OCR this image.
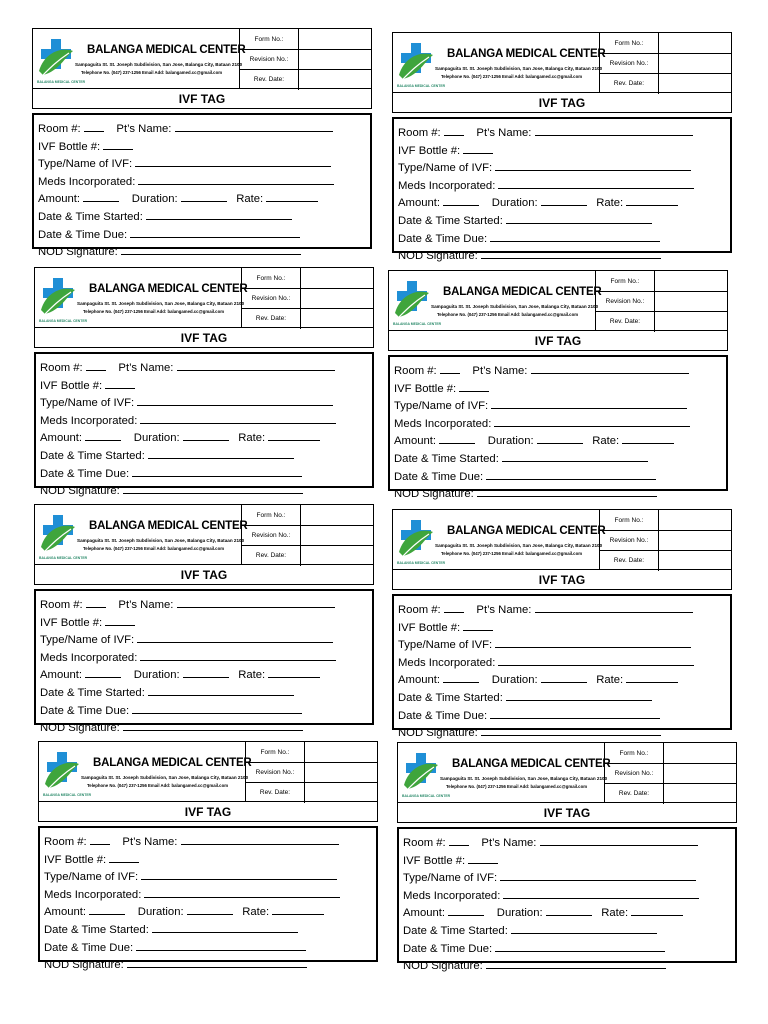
BALANGA MEDICAL CENTER
Sampaguita St. St. Joseph Subdivision, San Jose, Balanga City, Bataan 2100
Telephone No. (047) 237-1256 Email Add: balangamed.cc@gmail.com
BALANGA MEDICAL CENTER
Form No.:
Revision No.:
Rev. Date:
IVF TAG
Room #:	Pt’s Name:
IVF Bottle #:
Type/Name of IVF:
Meds Incorporated:
Amount:	Duration:	Rate:
Date & Time Started:
Date & Time Due:
NOD Signature:
BALANGA MEDICAL CENTER
Sampaguita St. St. Joseph Subdivision, San Jose, Balanga City, Bataan 2100
Telephone No. (047) 237-1256 Email Add: balangamed.cc@gmail.com
BALANGA MEDICAL CENTER
Form No.:
Revision No.:
Rev. Date:
IVF TAG
Room #:	Pt’s Name:
IVF Bottle #:
Type/Name of IVF:
Meds Incorporated:
Amount:	Duration:	Rate:
Date & Time Started:
Date & Time Due:
NOD Signature:
BALANGA MEDICAL CENTER
Sampaguita St. St. Joseph Subdivision, San Jose, Balanga City, Bataan 2100
Telephone No. (047) 237-1256 Email Add: balangamed.cc@gmail.com
BALANGA MEDICAL CENTER
Form No.:
Revision No.:
Rev. Date:
IVF TAG
Room #:	Pt’s Name:
IVF Bottle #:
Type/Name of IVF:
Meds Incorporated:
Amount:	Duration:	Rate:
Date & Time Started:
Date & Time Due:
NOD Signature:
BALANGA MEDICAL CENTER
Sampaguita St. St. Joseph Subdivision, San Jose, Balanga City, Bataan 2100
Telephone No. (047) 237-1256 Email Add: balangamed.cc@gmail.com
BALANGA MEDICAL CENTER
Form No.:
Revision No.:
Rev. Date:
IVF TAG
Room #:	Pt’s Name:
IVF Bottle #:
Type/Name of IVF:
Meds Incorporated:
Amount:	Duration:	Rate:
Date & Time Started:
Date & Time Due:
NOD Signature:
BALANGA MEDICAL CENTER
Sampaguita St. St. Joseph Subdivision, San Jose, Balanga City, Bataan 2100
Telephone No. (047) 237-1256 Email Add: balangamed.cc@gmail.com
BALANGA MEDICAL CENTER
Form No.:
Revision No.:
Rev. Date:
IVF TAG
Room #:	Pt’s Name:
IVF Bottle #:
Type/Name of IVF:
Meds Incorporated:
Amount:	Duration:	Rate:
Date & Time Started:
Date & Time Due:
NOD Signature:
BALANGA MEDICAL CENTER
Sampaguita St. St. Joseph Subdivision, San Jose, Balanga City, Bataan 2100
Telephone No. (047) 237-1256 Email Add: balangamed.cc@gmail.com
BALANGA MEDICAL CENTER
Form No.:
Revision No.:
Rev. Date:
IVF TAG
Room #:	Pt’s Name:
IVF Bottle #:
Type/Name of IVF:
Meds Incorporated:
Amount:	Duration:	Rate:
Date & Time Started:
Date & Time Due:
NOD Signature:
BALANGA MEDICAL CENTER
Sampaguita St. St. Joseph Subdivision, San Jose, Balanga City, Bataan 2100
Telephone No. (047) 237-1256 Email Add: balangamed.cc@gmail.com
BALANGA MEDICAL CENTER
Form No.:
Revision No.:
Rev. Date:
IVF TAG
Room #:	Pt’s Name:
IVF Bottle #:
Type/Name of IVF:
Meds Incorporated:
Amount:	Duration:	Rate:
Date & Time Started:
Date & Time Due:
NOD Signature:
BALANGA MEDICAL CENTER
Sampaguita St. St. Joseph Subdivision, San Jose, Balanga City, Bataan 2100
Telephone No. (047) 237-1256 Email Add: balangamed.cc@gmail.com
BALANGA MEDICAL CENTER
Form No.:
Revision No.:
Rev. Date:
IVF TAG
Room #:	Pt’s Name:
IVF Bottle #:
Type/Name of IVF:
Meds Incorporated:
Amount:	Duration:	Rate:
Date & Time Started:
Date & Time Due:
NOD Signature:
